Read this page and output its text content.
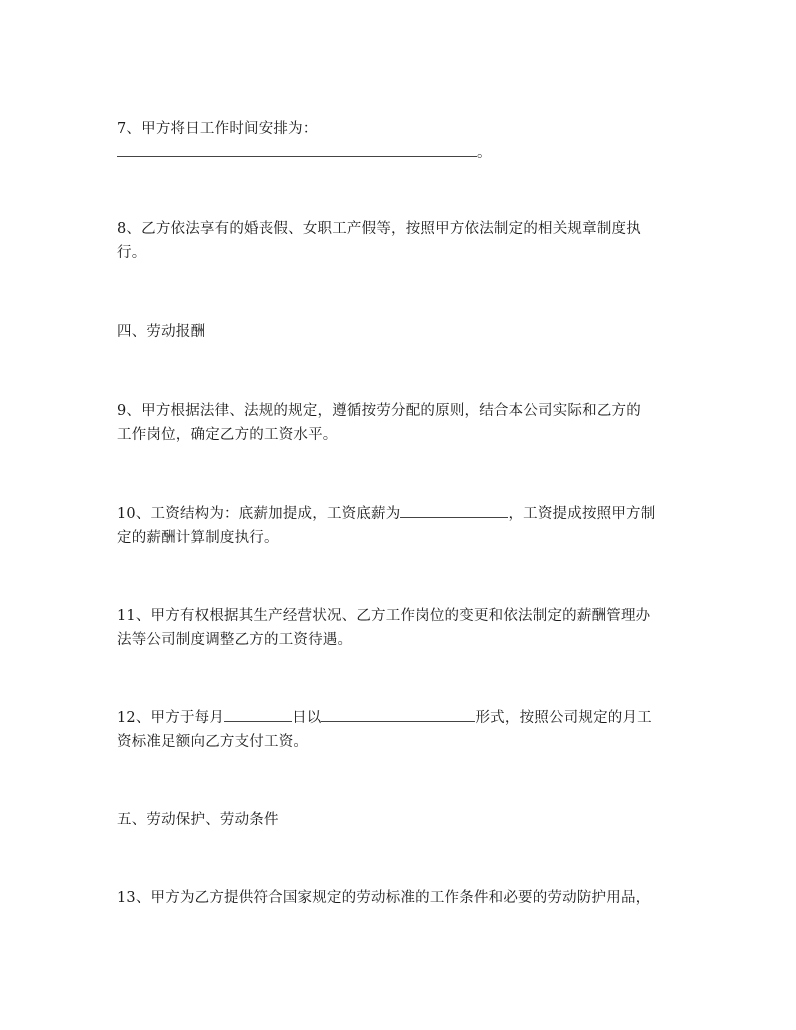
7、甲方将日工作时间安排为：
。
8、乙方依法享有的婚丧假、女职工产假等，按照甲方依法制定的相关规章制度执
行。
四、劳动报酬
9、甲方根据法律、法规的规定，遵循按劳分配的原则，结合本公司实际和乙方的
工作岗位，确定乙方的工资水平。
10、工资结构为：底薪加提成，工资底薪为	，工资提成按照甲方制
定的薪酬计算制度执行。
11、甲方有权根据其生产经营状况、乙方工作岗位的变更和依法制定的薪酬管理办
法等公司制度调整乙方的工资待遇。
12、甲方于每月	日以	形式，按照公司规定的月工
资标准足额向乙方支付工资。
五、劳动保护、劳动条件
13、甲方为乙方提供符合国家规定的劳动标准的工作条件和必要的劳动防护用品，
